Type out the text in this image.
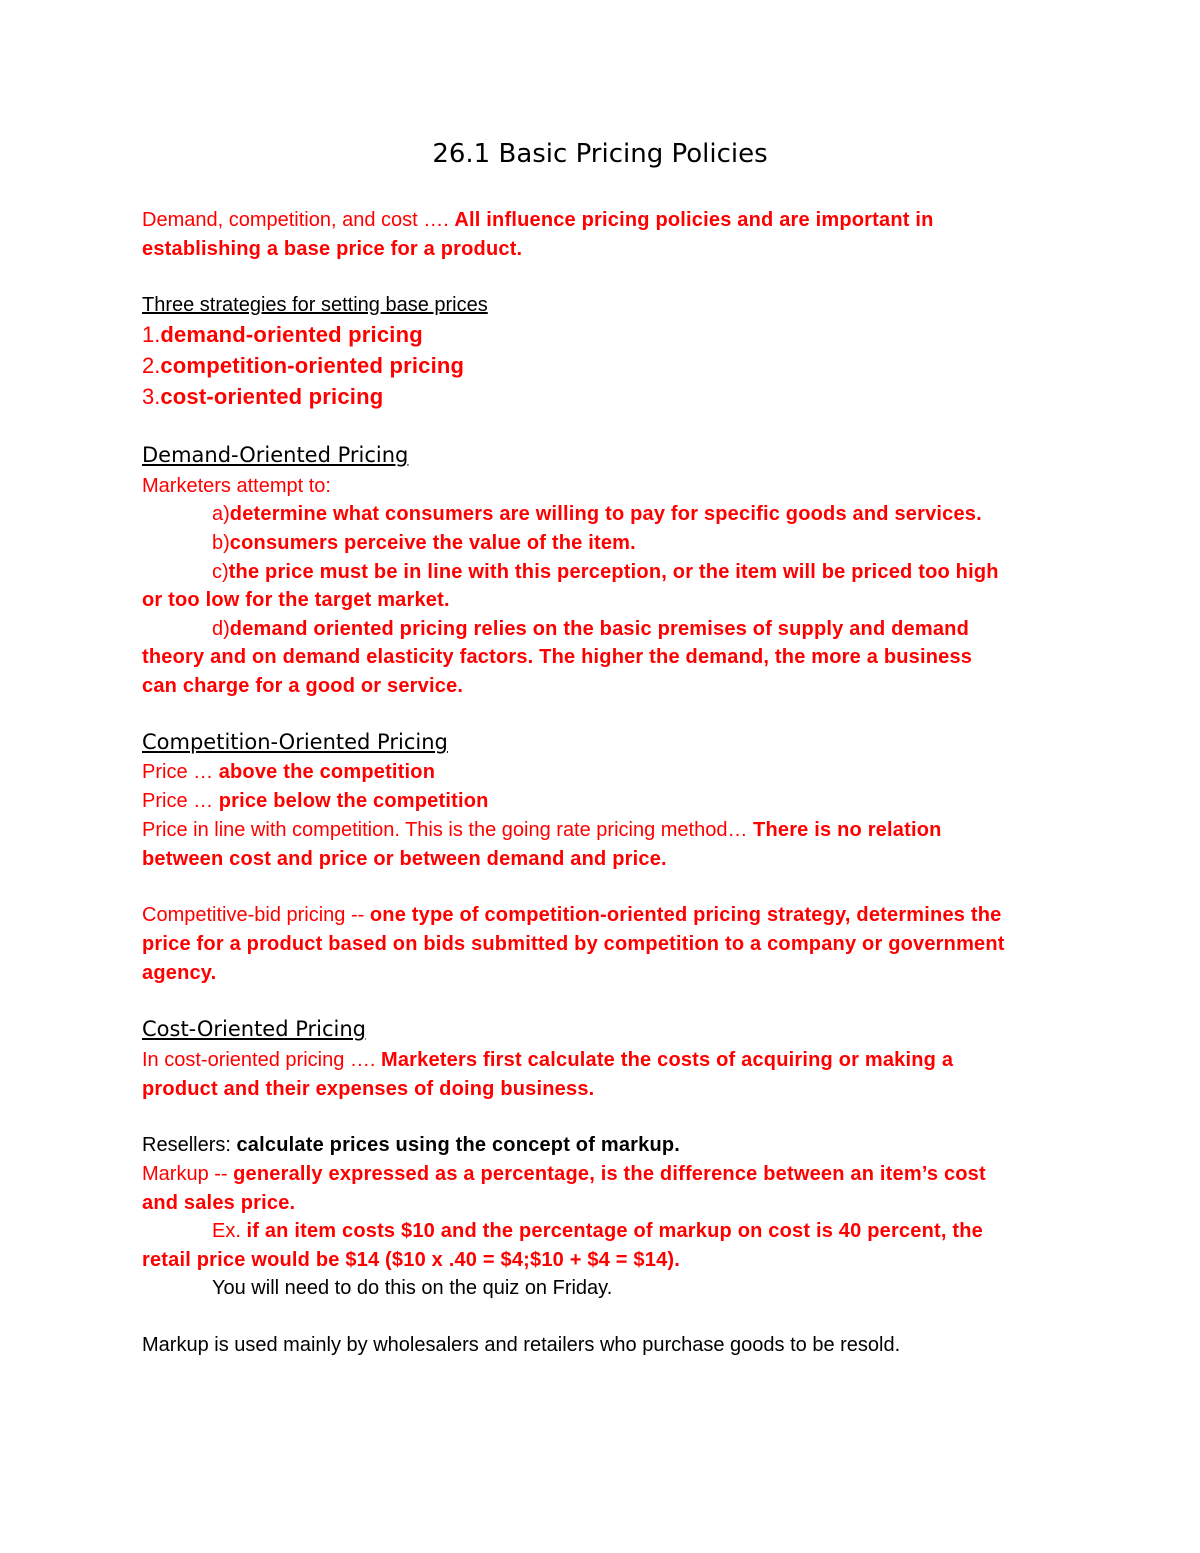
26.1 Basic Pricing Policies
Demand, competition, and cost …. All influence pricing policies and are important in
establishing a base price for a product.
Three strategies for setting base prices
1.demand-oriented pricing
2.competition-oriented pricing
3.cost-oriented pricing
Demand-Oriented Pricing
Marketers attempt to:
a)determine what consumers are willing to pay for specific goods and services.
b)consumers perceive the value of the item.
c)the price must be in line with this perception, or the item will be priced too high
or too low for the target market.
d)demand oriented pricing relies on the basic premises of supply and demand
theory and on demand elasticity factors. The higher the demand, the more a business
can charge for a good or service.
Competition-Oriented Pricing
Price … above the competition
Price … price below the competition
Price in line with competition. This is the going rate pricing method… There is no relation
between cost and price or between demand and price.
Competitive-bid pricing -- one type of competition-oriented pricing strategy, determines the
price for a product based on bids submitted by competition to a company or government
agency.
Cost-Oriented Pricing
In cost-oriented pricing …. Marketers first calculate the costs of acquiring or making a
product and their expenses of doing business.
Resellers: calculate prices using the concept of markup.
Markup -- generally expressed as a percentage, is the difference between an item’s cost
and sales price.
Ex. if an item costs $10 and the percentage of markup on cost is 40 percent, the
retail price would be $14 ($10 x .40 = $4;$10 + $4 = $14).
You will need to do this on the quiz on Friday.
Markup is used mainly by wholesalers and retailers who purchase goods to be resold.
